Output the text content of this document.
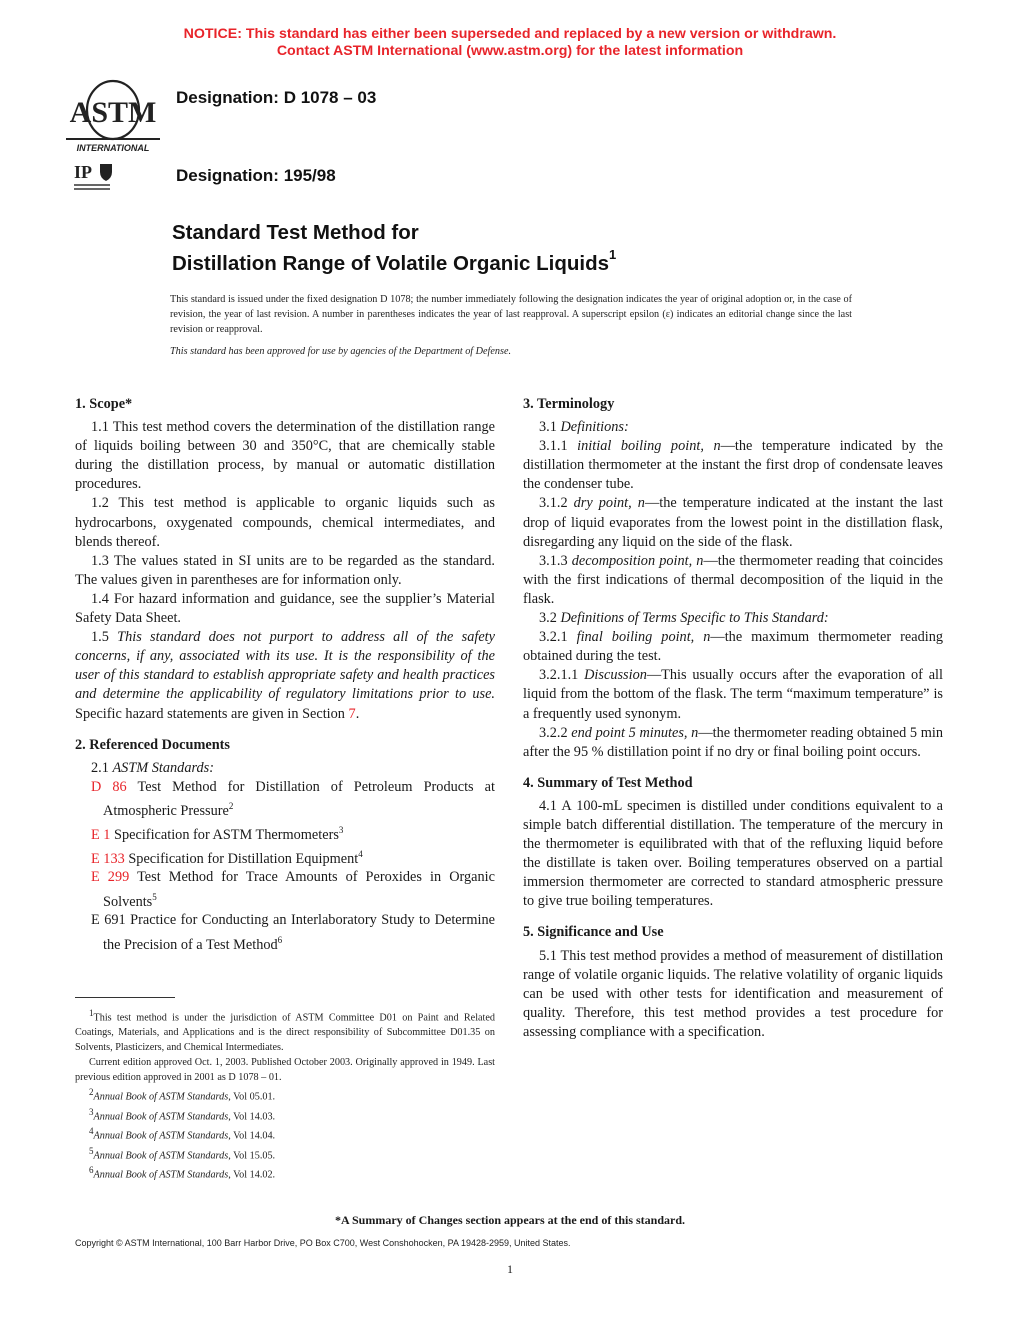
NOTICE: This standard has either been superseded and replaced by a new version or withdrawn.
Contact ASTM International (www.astm.org) for the latest information
ASTM
INTERNATIONAL
IP
Designation: D 1078 – 03
Designation: 195/98
Standard Test Method for
Distillation Range of Volatile Organic Liquids$^1$
This standard is issued under the fixed designation D 1078; the number immediately following the designation indicates the year of original adoption or, in the case of revision, the year of last revision. A number in parentheses indicates the year of last reapproval. A superscript epsilon (ε) indicates an editorial change since the last revision or reapproval.
This standard has been approved for use by agencies of the Department of Defense.
1. Scope*

1.1 This test method covers the determination of the distillation range of liquids boiling between 30 and 350°C, that are chemically stable during the distillation process, by manual or automatic distillation procedures.

1.2 This test method is applicable to organic liquids such as hydrocarbons, oxygenated compounds, chemical intermediates, and blends thereof.

1.3 The values stated in SI units are to be regarded as the standard. The values given in parentheses are for information only.

1.4 For hazard information and guidance, see the supplier’s Material Safety Data Sheet.

1.5 This standard does not purport to address all of the safety concerns, if any, associated with its use. It is the responsibility of the user of this standard to establish appropriate safety and health practices and determine the applicability of regulatory limitations prior to use. Specific hazard statements are given in Section 7.

2. Referenced Documents

2.1 ASTM Standards:

D 86 Test Method for Distillation of Petroleum Products at Atmospheric Pressure$^2$

E 1 Specification for ASTM Thermometers$^3$

E 133 Specification for Distillation Equipment$^4$

E 299 Test Method for Trace Amounts of Peroxides in Organic Solvents$^5$

E 691 Practice for Conducting an Interlaboratory Study to Determine the Precision of a Test Method$^6$

$^1$This test method is under the jurisdiction of ASTM Committee D01 on Paint and Related Coatings, Materials, and Applications and is the direct responsibility of Subcommittee D01.35 on Solvents, Plasticizers, and Chemical Intermediates.

Current edition approved Oct. 1, 2003. Published October 2003. Originally approved in 1949. Last previous edition approved in 2001 as D 1078 – 01.

$^2$Annual Book of ASTM Standards, Vol 05.01.

$^3$Annual Book of ASTM Standards, Vol 14.03.

$^4$Annual Book of ASTM Standards, Vol 14.04.

$^5$Annual Book of ASTM Standards, Vol 15.05.

$^6$Annual Book of ASTM Standards, Vol 14.02.

3. Terminology

3.1 Definitions:

3.1.1 initial boiling point, n—the temperature indicated by the distillation thermometer at the instant the first drop of condensate leaves the condenser tube.

3.1.2 dry point, n—the temperature indicated at the instant the last drop of liquid evaporates from the lowest point in the distillation flask, disregarding any liquid on the side of the flask.

3.1.3 decomposition point, n—the thermometer reading that coincides with the first indications of thermal decomposition of the liquid in the flask.

3.2 Definitions of Terms Specific to This Standard:

3.2.1 final boiling point, n—the maximum thermometer reading obtained during the test.

3.2.1.1 Discussion—This usually occurs after the evaporation of all liquid from the bottom of the flask. The term “maximum temperature” is a frequently used synonym.

3.2.2 end point 5 minutes, n—the thermometer reading obtained 5 min after the 95 % distillation point if no dry or final boiling point occurs.

4. Summary of Test Method

4.1 A 100-mL specimen is distilled under conditions equivalent to a simple batch differential distillation. The temperature of the mercury in the thermometer is equilibrated with that of the refluxing liquid before the distillate is taken over. Boiling temperatures observed on a partial immersion thermometer are corrected to standard atmospheric pressure to give true boiling temperatures.

5. Significance and Use

5.1 This test method provides a method of measurement of distillation range of volatile organic liquids. The relative volatility of organic liquids can be used with other tests for identification and measurement of quality. Therefore, this test method provides a test procedure for assessing compliance with a specification.

*A Summary of Changes section appears at the end of this standard.
Copyright © ASTM International, 100 Barr Harbor Drive, PO Box C700, West Conshohocken, PA 19428-2959, United States.
1
